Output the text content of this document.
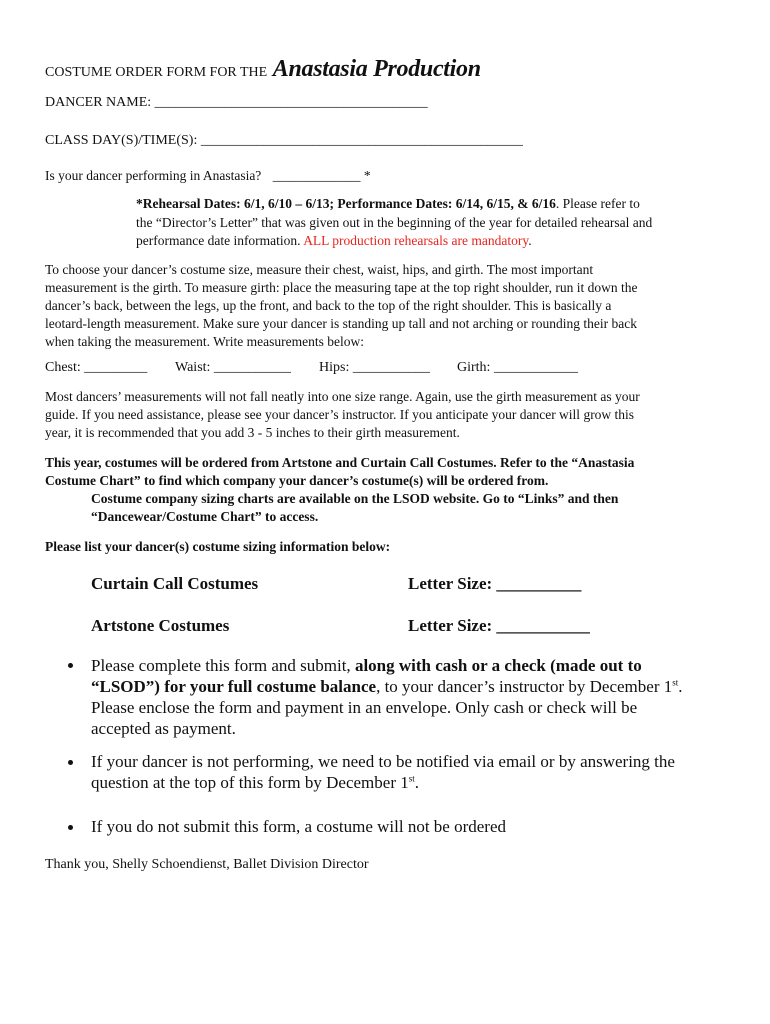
COSTUME ORDER FORM FOR THE Anastasia Production
DANCER NAME: _______________________________________
CLASS DAY(S)/TIME(S): ______________________________________________
Is your dancer performing in Anastasia? _____________ *
*Rehearsal Dates: 6/1, 6/10 – 6/13; Performance Dates: 6/14, 6/15, & 6/16. Please refer to
the “Director’s Letter” that was given out in the beginning of the year for detailed rehearsal and
performance date information. ALL production rehearsals are mandatory.
To choose your dancer’s costume size, measure their chest, waist, hips, and girth. The most important
measurement is the girth. To measure girth: place the measuring tape at the top right shoulder, run it down the
dancer’s back, between the legs, up the front, and back to the top of the right shoulder. This is basically a
leotard-length measurement. Make sure your dancer is standing up tall and not arching or rounding their back
when taking the measurement. Write measurements below:
Chest: _________ Waist: ___________ Hips: ___________ Girth: ____________
Most dancers’ measurements will not fall neatly into one size range. Again, use the girth measurement as your
guide. If you need assistance, please see your dancer’s instructor. If you anticipate your dancer will grow this
year, it is recommended that you add 3 - 5 inches to their girth measurement.
This year, costumes will be ordered from Artstone and Curtain Call Costumes. Refer to the “Anastasia
Costume Chart” to find which company your dancer’s costume(s) will be ordered from.
Costume company sizing charts are available on the LSOD website. Go to “Links” and then
“Dancewear/Costume Chart” to access.
Please list your dancer(s) costume sizing information below:
Curtain Call Costumes	Letter Size: __________
Artstone Costumes	Letter Size: ___________
Please complete this form and submit, along with cash or a check (made out to
“LSOD”) for your full costume balance, to your dancer’s instructor by December 1st.
Please enclose the form and payment in an envelope. Only cash or check will be
accepted as payment.
If your dancer is not performing, we need to be notified via email or by answering the
question at the top of this form by December 1st.
If you do not submit this form, a costume will not be ordered
Thank you, Shelly Schoendienst, Ballet Division Director
